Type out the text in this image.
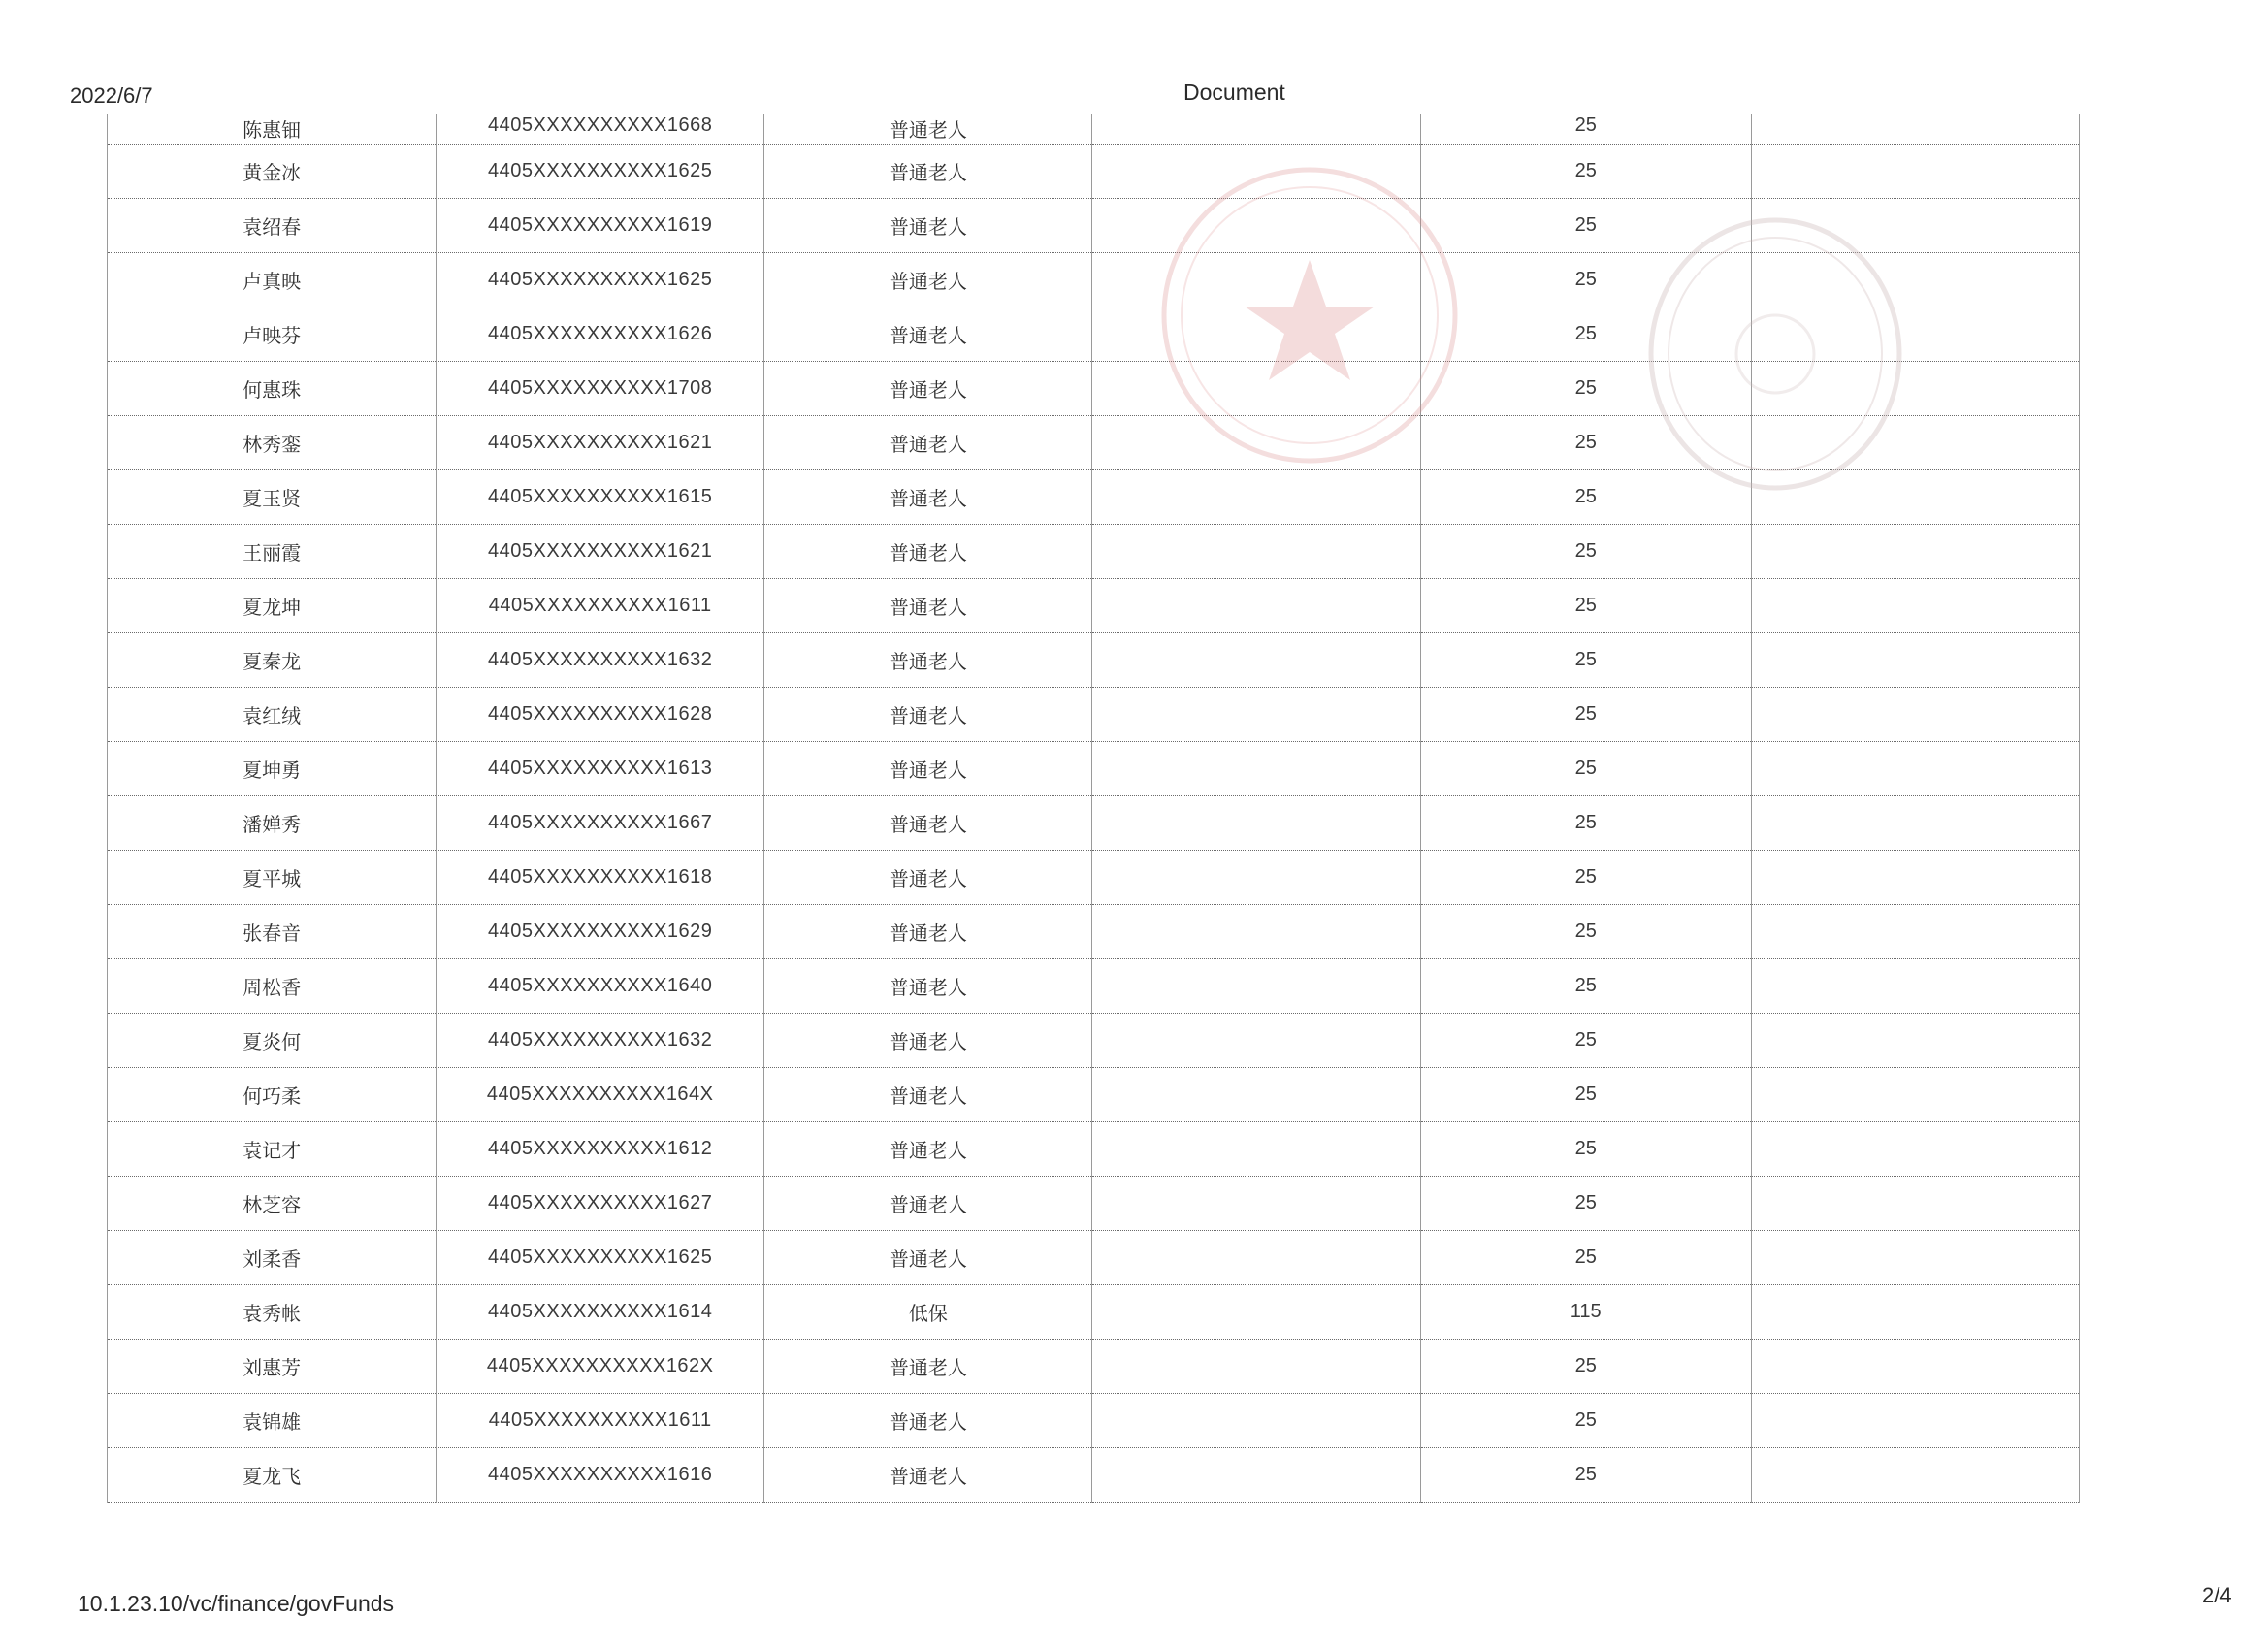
2022/6/7	Document
陈惠钿	4405XXXXXXXXXX1668	普通老人		25	
黄金冰	4405XXXXXXXXXX1625	普通老人		25	
袁绍春	4405XXXXXXXXXX1619	普通老人		25	
卢真映	4405XXXXXXXXXX1625	普通老人		25	
卢映芬	4405XXXXXXXXXX1626	普通老人		25	
何惠珠	4405XXXXXXXXXX1708	普通老人		25	
林秀銮	4405XXXXXXXXXX1621	普通老人		25	
夏玉贤	4405XXXXXXXXXX1615	普通老人		25	
王丽霞	4405XXXXXXXXXX1621	普通老人		25	
夏龙坤	4405XXXXXXXXXX1611	普通老人		25	
夏秦龙	4405XXXXXXXXXX1632	普通老人		25	
袁红绒	4405XXXXXXXXXX1628	普通老人		25	
夏坤勇	4405XXXXXXXXXX1613	普通老人		25	
潘婵秀	4405XXXXXXXXXX1667	普通老人		25	
夏平城	4405XXXXXXXXXX1618	普通老人		25	
张春音	4405XXXXXXXXXX1629	普通老人		25	
周松香	4405XXXXXXXXXX1640	普通老人		25	
夏炎何	4405XXXXXXXXXX1632	普通老人		25	
何巧柔	4405XXXXXXXXXX164X	普通老人		25	
袁记才	4405XXXXXXXXXX1612	普通老人		25	
林芝容	4405XXXXXXXXXX1627	普通老人		25	
刘柔香	4405XXXXXXXXXX1625	普通老人		25	
袁秀帐	4405XXXXXXXXXX1614	低保		115	
刘惠芳	4405XXXXXXXXXX162X	普通老人		25	
袁锦雄	4405XXXXXXXXXX1611	普通老人		25	
夏龙飞	4405XXXXXXXXXX1616	普通老人		25	
10.1.23.10/vc/finance/govFunds	2/4
